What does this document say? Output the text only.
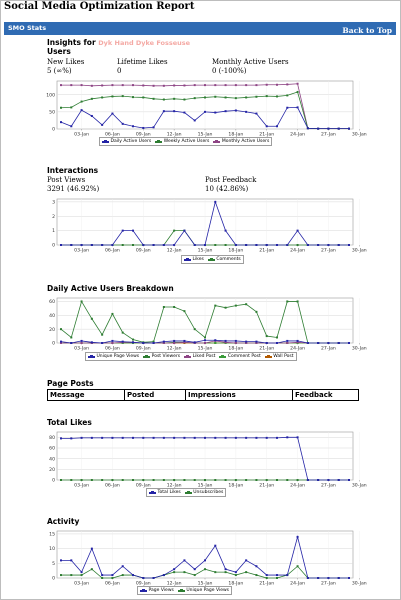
Social Media Optimization Report
SMO Stats	Back to Top
Insights for Dyk Hand Dyke Fosseuse
Users
New Likes
5 (∞%)
Lifetime Likes
0
Monthly Active Users
0 (-100%)
0
50
100
03-Jan	06-Jan	09-Jan	12-Jan	15-Jan	18-Jan	21-Jan	24-Jan	27-Jan	30-Jan
Daily Active Users	Weekly Active Users	Monthly Active Users
Interactions
Post Views
3291 (46.92%)
Post Feedback
10 (42.86%)
0
1
2
3
03-Jan	06-Jan	09-Jan	12-Jan	15-Jan	18-Jan	21-Jan	24-Jan	27-Jan	30-Jan
Likes	Comments
Daily Active Users Breakdown
0
20
40
60
03-Jan	06-Jan	09-Jan	12-Jan	15-Jan	18-Jan	21-Jan	24-Jan	27-Jan	30-Jan
Unique Page Views	Post Viewers	Liked Post	Comment Post	Wall Post
Page Posts
Message	Posted	Impressions	Feedback
Total Likes
0
20
40
60
80
03-Jan	06-Jan	09-Jan	12-Jan	15-Jan	18-Jan	21-Jan	24-Jan	27-Jan	30-Jan
Total Likes	Unsubscribes
Activity
0
5
10
15
03-Jan	06-Jan	09-Jan	12-Jan	15-Jan	18-Jan	21-Jan	24-Jan	27-Jan	30-Jan
Page Views	Unique Page Views
